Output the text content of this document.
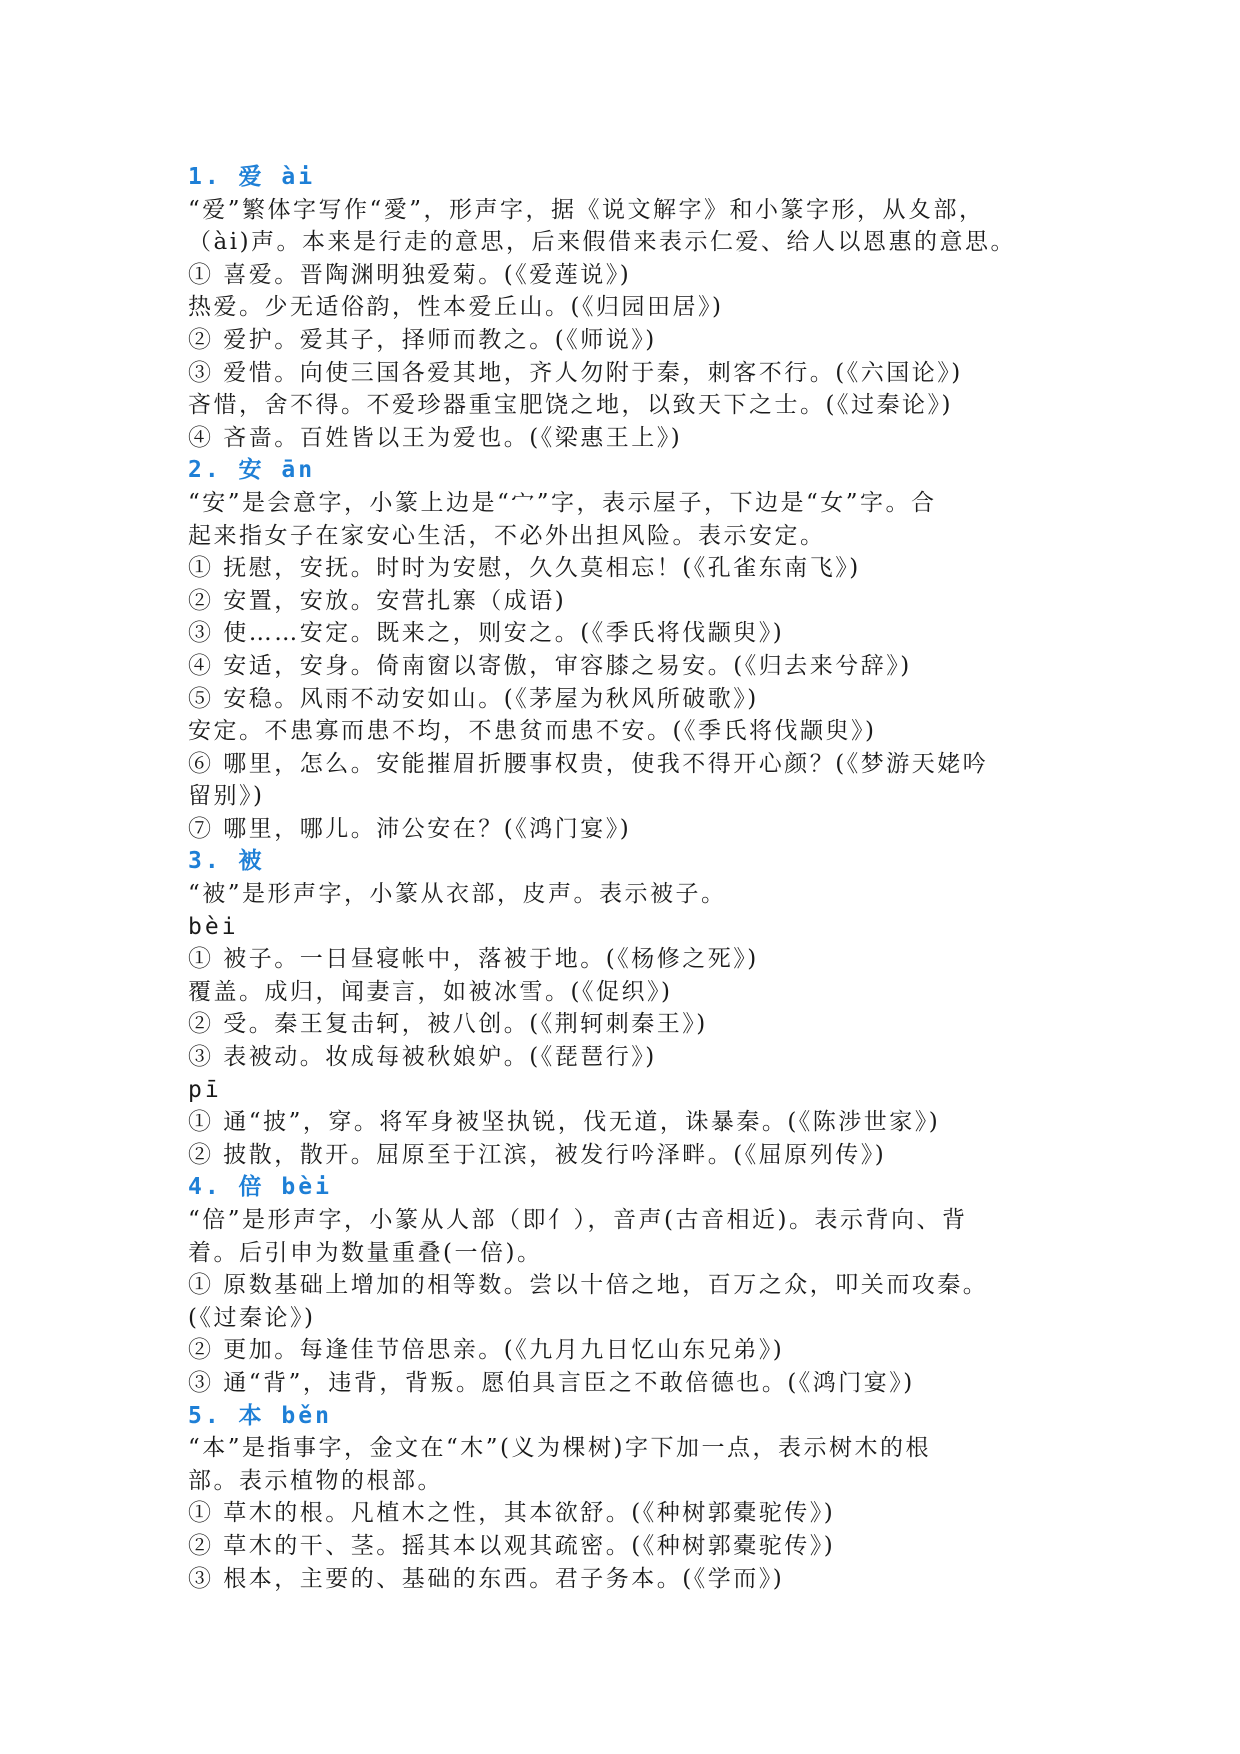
1. 爱 ài
“爱”繁体字写作“愛”，形声字，据《说文解字》和小篆字形，从夊部，
（ài)声。本来是行走的意思，后来假借来表示仁爱、给人以恩惠的意思。
① 喜爱。晋陶渊明独爱菊。(《爱莲说》)
热爱。少无适俗韵，性本爱丘山。(《归园田居》)
② 爱护。爱其子，择师而教之。(《师说》)
③ 爱惜。向使三国各爱其地，齐人勿附于秦，刺客不行。(《六国论》)
吝惜，舍不得。不爱珍器重宝肥饶之地，以致天下之士。(《过秦论》)
④ 吝啬。百姓皆以王为爱也。(《梁惠王上》)
2. 安 ān
“安”是会意字，小篆上边是“宀”字，表示屋子，下边是“女”字。合
起来指女子在家安心生活，不必外出担风险。表示安定。
① 抚慰，安抚。时时为安慰，久久莫相忘！(《孔雀东南飞》)
② 安置，安放。安营扎寨（成语)
③ 使……安定。既来之，则安之。(《季氏将伐颛臾》)
④ 安适，安身。倚南窗以寄傲，审容膝之易安。(《归去来兮辞》)
⑤ 安稳。风雨不动安如山。(《茅屋为秋风所破歌》)
安定。不患寡而患不均，不患贫而患不安。(《季氏将伐颛臾》)
⑥ 哪里，怎么。安能摧眉折腰事权贵，使我不得开心颜？(《梦游天姥吟
留别》)
⑦ 哪里，哪儿。沛公安在？(《鸿门宴》)
3. 被
“被”是形声字，小篆从衣部，皮声。表示被子。
bèi
① 被子。一日昼寝帐中，落被于地。(《杨修之死》)
覆盖。成归，闻妻言，如被冰雪。(《促织》)
② 受。秦王复击轲，被八创。(《荆轲刺秦王》)
③ 表被动。妆成每被秋娘妒。(《琵琶行》)
pī
① 通“披”，穿。将军身被坚执锐，伐无道，诛暴秦。(《陈涉世家》)
② 披散，散开。屈原至于江滨，被发行吟泽畔。(《屈原列传》)
4. 倍 bèi
“倍”是形声字，小篆从人部（即亻），音声(古音相近)。表示背向、背
着。后引申为数量重叠(一倍)。
① 原数基础上增加的相等数。尝以十倍之地，百万之众，叩关而攻秦。
(《过秦论》)
② 更加。每逢佳节倍思亲。(《九月九日忆山东兄弟》)
③ 通“背”，违背，背叛。愿伯具言臣之不敢倍德也。(《鸿门宴》)
5. 本 běn
“本”是指事字，金文在“木”(义为棵树)字下加一点，表示树木的根
部。表示植物的根部。
① 草木的根。凡植木之性，其本欲舒。(《种树郭橐驼传》)
② 草木的干、茎。摇其本以观其疏密。(《种树郭橐驼传》)
③ 根本，主要的、基础的东西。君子务本。(《学而》)
